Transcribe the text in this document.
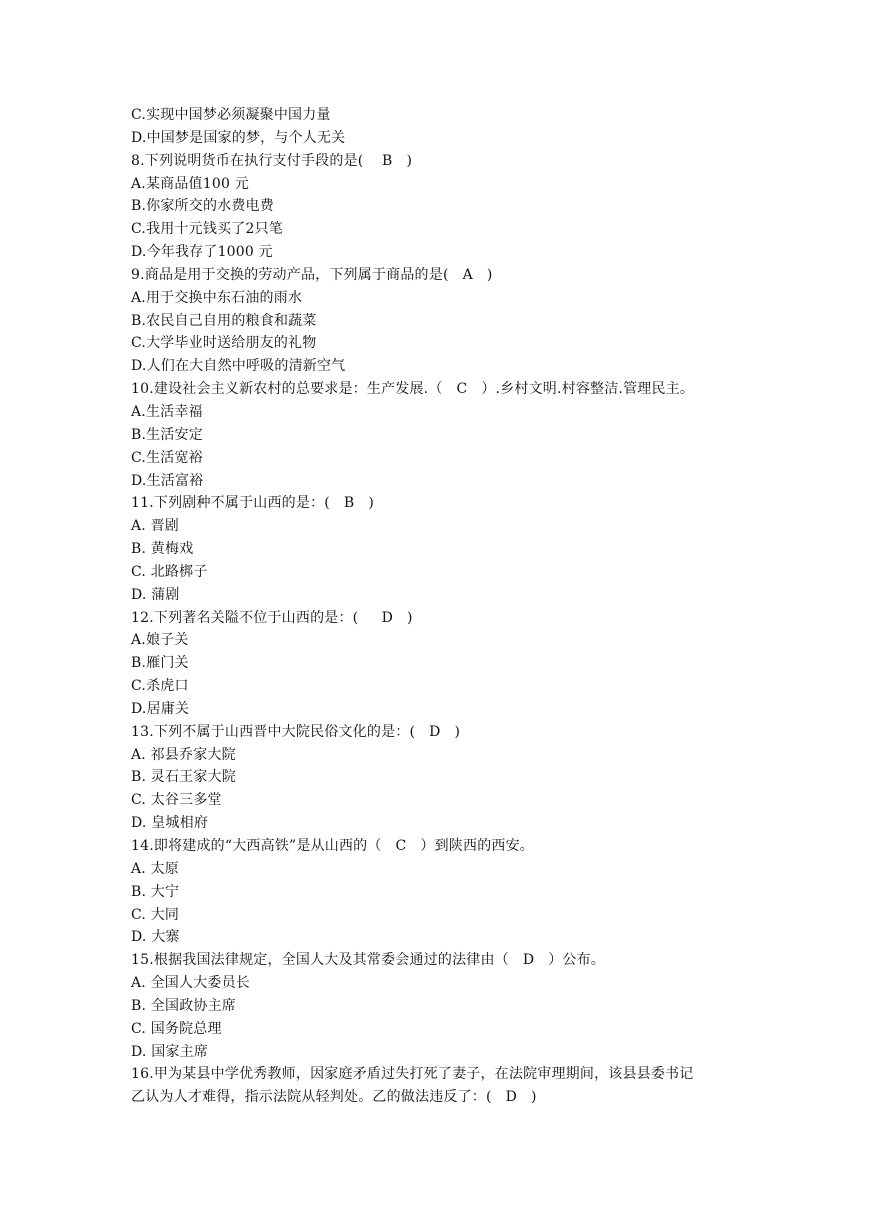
C.实现中国梦必须凝聚中国力量
D.中国梦是国家的梦，与个人无关
8.下列说明货币在执行支付手段的是(    B   )
A.某商品值100 元
B.你家所交的水费电费
C.我用十元钱买了2只笔
D.今年我存了1000 元
9.商品是用于交换的劳动产品，下列属于商品的是(   A   )
A.用于交换中东石油的雨水
B.农民自己自用的粮食和蔬菜
C.大学毕业时送给朋友的礼物
D.人们在大自然中呼吸的清新空气
10.建设社会主义新农村的总要求是：生产发展.（   C   ）.乡村文明.村容整洁.管理民主。
A.生活幸福
B.生活安定
C.生活宽裕
D.生活富裕
11.下列剧种不属于山西的是：(   B   )
A. 晋剧
B. 黄梅戏
C. 北路梆子
D. 蒲剧
12.下列著名关隘不位于山西的是：(     D   )
A.娘子关
B.雁门关
C.杀虎口
D.居庸关
13.下列不属于山西晋中大院民俗文化的是：(   D   )
A. 祁县乔家大院
B. 灵石王家大院
C. 太谷三多堂
D. 皇城相府
14.即将建成的“大西高铁”是从山西的（   C   ）到陕西的西安。
A. 太原
B. 大宁
C. 大同
D. 大寨
15.根据我国法律规定，全国人大及其常委会通过的法律由（   D   ）公布。
A. 全国人大委员长
B. 全国政协主席
C. 国务院总理
D. 国家主席
16.甲为某县中学优秀教师，因家庭矛盾过失打死了妻子，在法院审理期间，该县县委书记
乙认为人才难得，指示法院从轻判处。乙的做法违反了：(   D   )
